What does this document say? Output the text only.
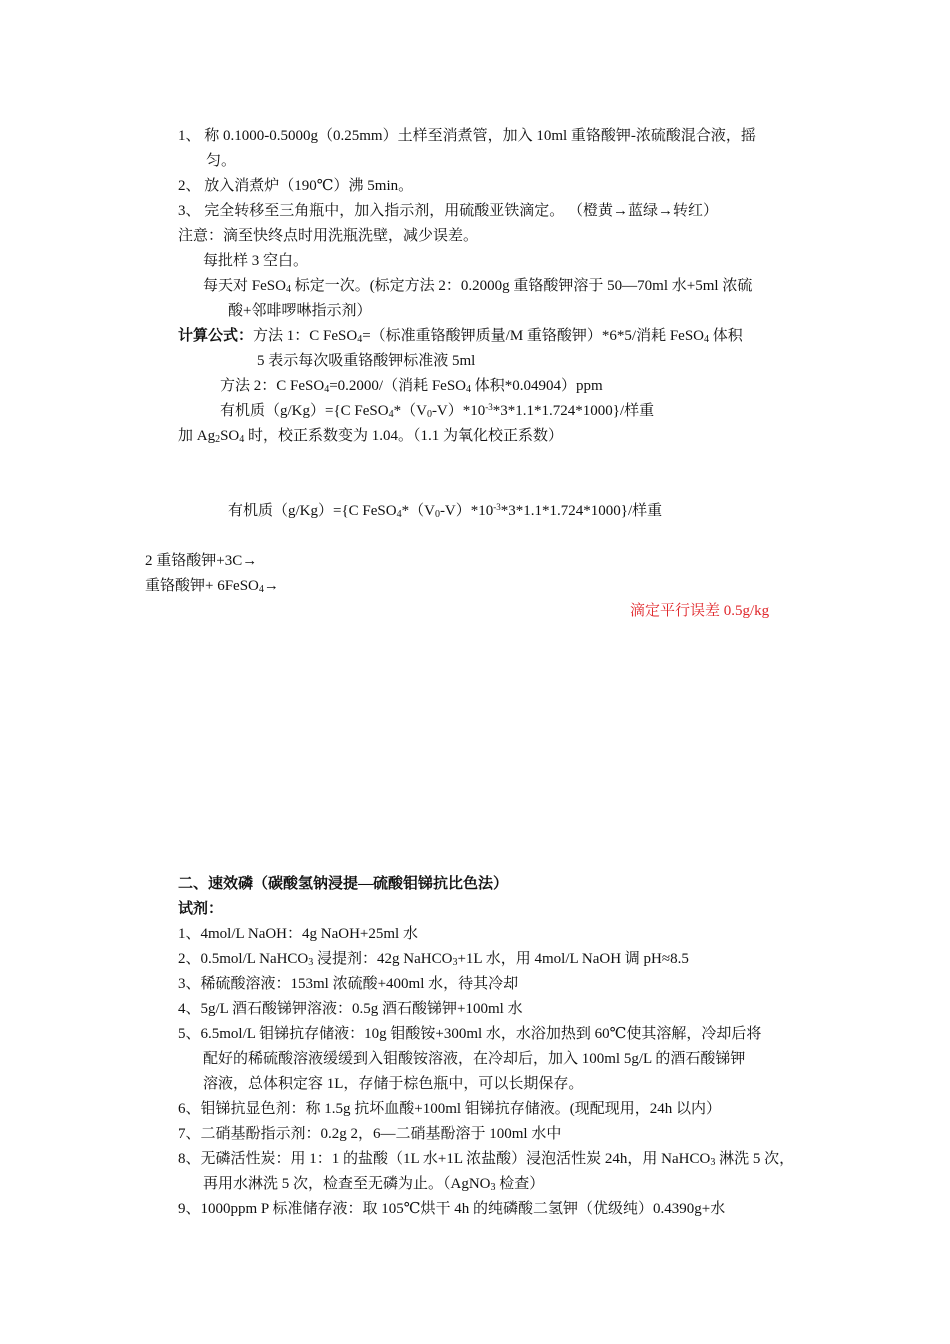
1、 称 0.1000-0.5000g（0.25mm）土样至消煮管，加入 10ml 重铬酸钾-浓硫酸混合液，摇
匀。
2、 放入消煮炉（190℃）沸 5min。
3、 完全转移至三角瓶中，加入指示剂，用硫酸亚铁滴定。 （橙黄→蓝绿→转红）
注意：滴至快终点时用洗瓶洗壁，减少误差。
每批样 3 空白。
每天对 FeSO$_4$ 标定一次。(标定方法 2：0.2000g 重铬酸钾溶于 50—70ml 水+5ml 浓硫
酸+邻啡啰啉指示剂）
计算公式：方法 1：C FeSO$_4$=（标准重铬酸钾质量/M 重铬酸钾）*6*5/消耗 FeSO$_4$ 体积
5 表示每次吸重铬酸钾标准液 5ml
方法 2：C FeSO$_4$=0.2000/（消耗 FeSO$_4$ 体积*0.04904）ppm
有机质（g/Kg）={C $FeSO_4*(V_0-V)*10^{-3}*3*1.1*1.724*1000\}/$样重
加 $Ag_2SO_4$ 时，校正系数变为 1.04。（1.1 为氧化校正系数）
有机质（g/Kg）={C $FeSO_4*(V_0-V)*10^{-3}*3*1.1*1.724*1000\}/$样重
2 重铬酸钾+3C→
重铬酸钾+ 6FeSO$_4$→
滴定平行误差 0.5g/kg
二、速效磷（碳酸氢钠浸提—硫酸钼锑抗比色法）
试剂：
1、4mol/L NaOH：4g NaOH+25ml 水
2、0.5mol/L NaHCO$_3$ 浸提剂：42g NaHCO$_3$+1L 水，用 4mol/L NaOH 调 pH≈8.5
3、稀硫酸溶液：153ml 浓硫酸+400ml 水，待其冷却
4、5g/L 酒石酸锑钾溶液：0.5g 酒石酸锑钾+100ml 水
5、6.5mol/L 钼锑抗存储液：10g 钼酸铵+300ml 水，水浴加热到 60℃使其溶解，冷却后将
配好的稀硫酸溶液缓缓到入钼酸铵溶液，在冷却后，加入 100ml 5g/L 的酒石酸锑钾
溶液，总体积定容 1L，存储于棕色瓶中，可以长期保存。
6、钼锑抗显色剂：称 1.5g 抗坏血酸+100ml 钼锑抗存储液。(现配现用，24h 以内）
7、二硝基酚指示剂：0.2g 2，6—二硝基酚溶于 100ml 水中
8、无磷活性炭：用 1：1 的盐酸（1L 水+1L 浓盐酸）浸泡活性炭 24h，用 NaHCO$_3$ 淋洗 5 次，
再用水淋洗 5 次，检查至无磷为止。（AgNO$_3$ 检查）
9、1000ppm P 标准储存液：取 105℃烘干 4h 的纯磷酸二氢钾（优级纯）0.4390g+水
